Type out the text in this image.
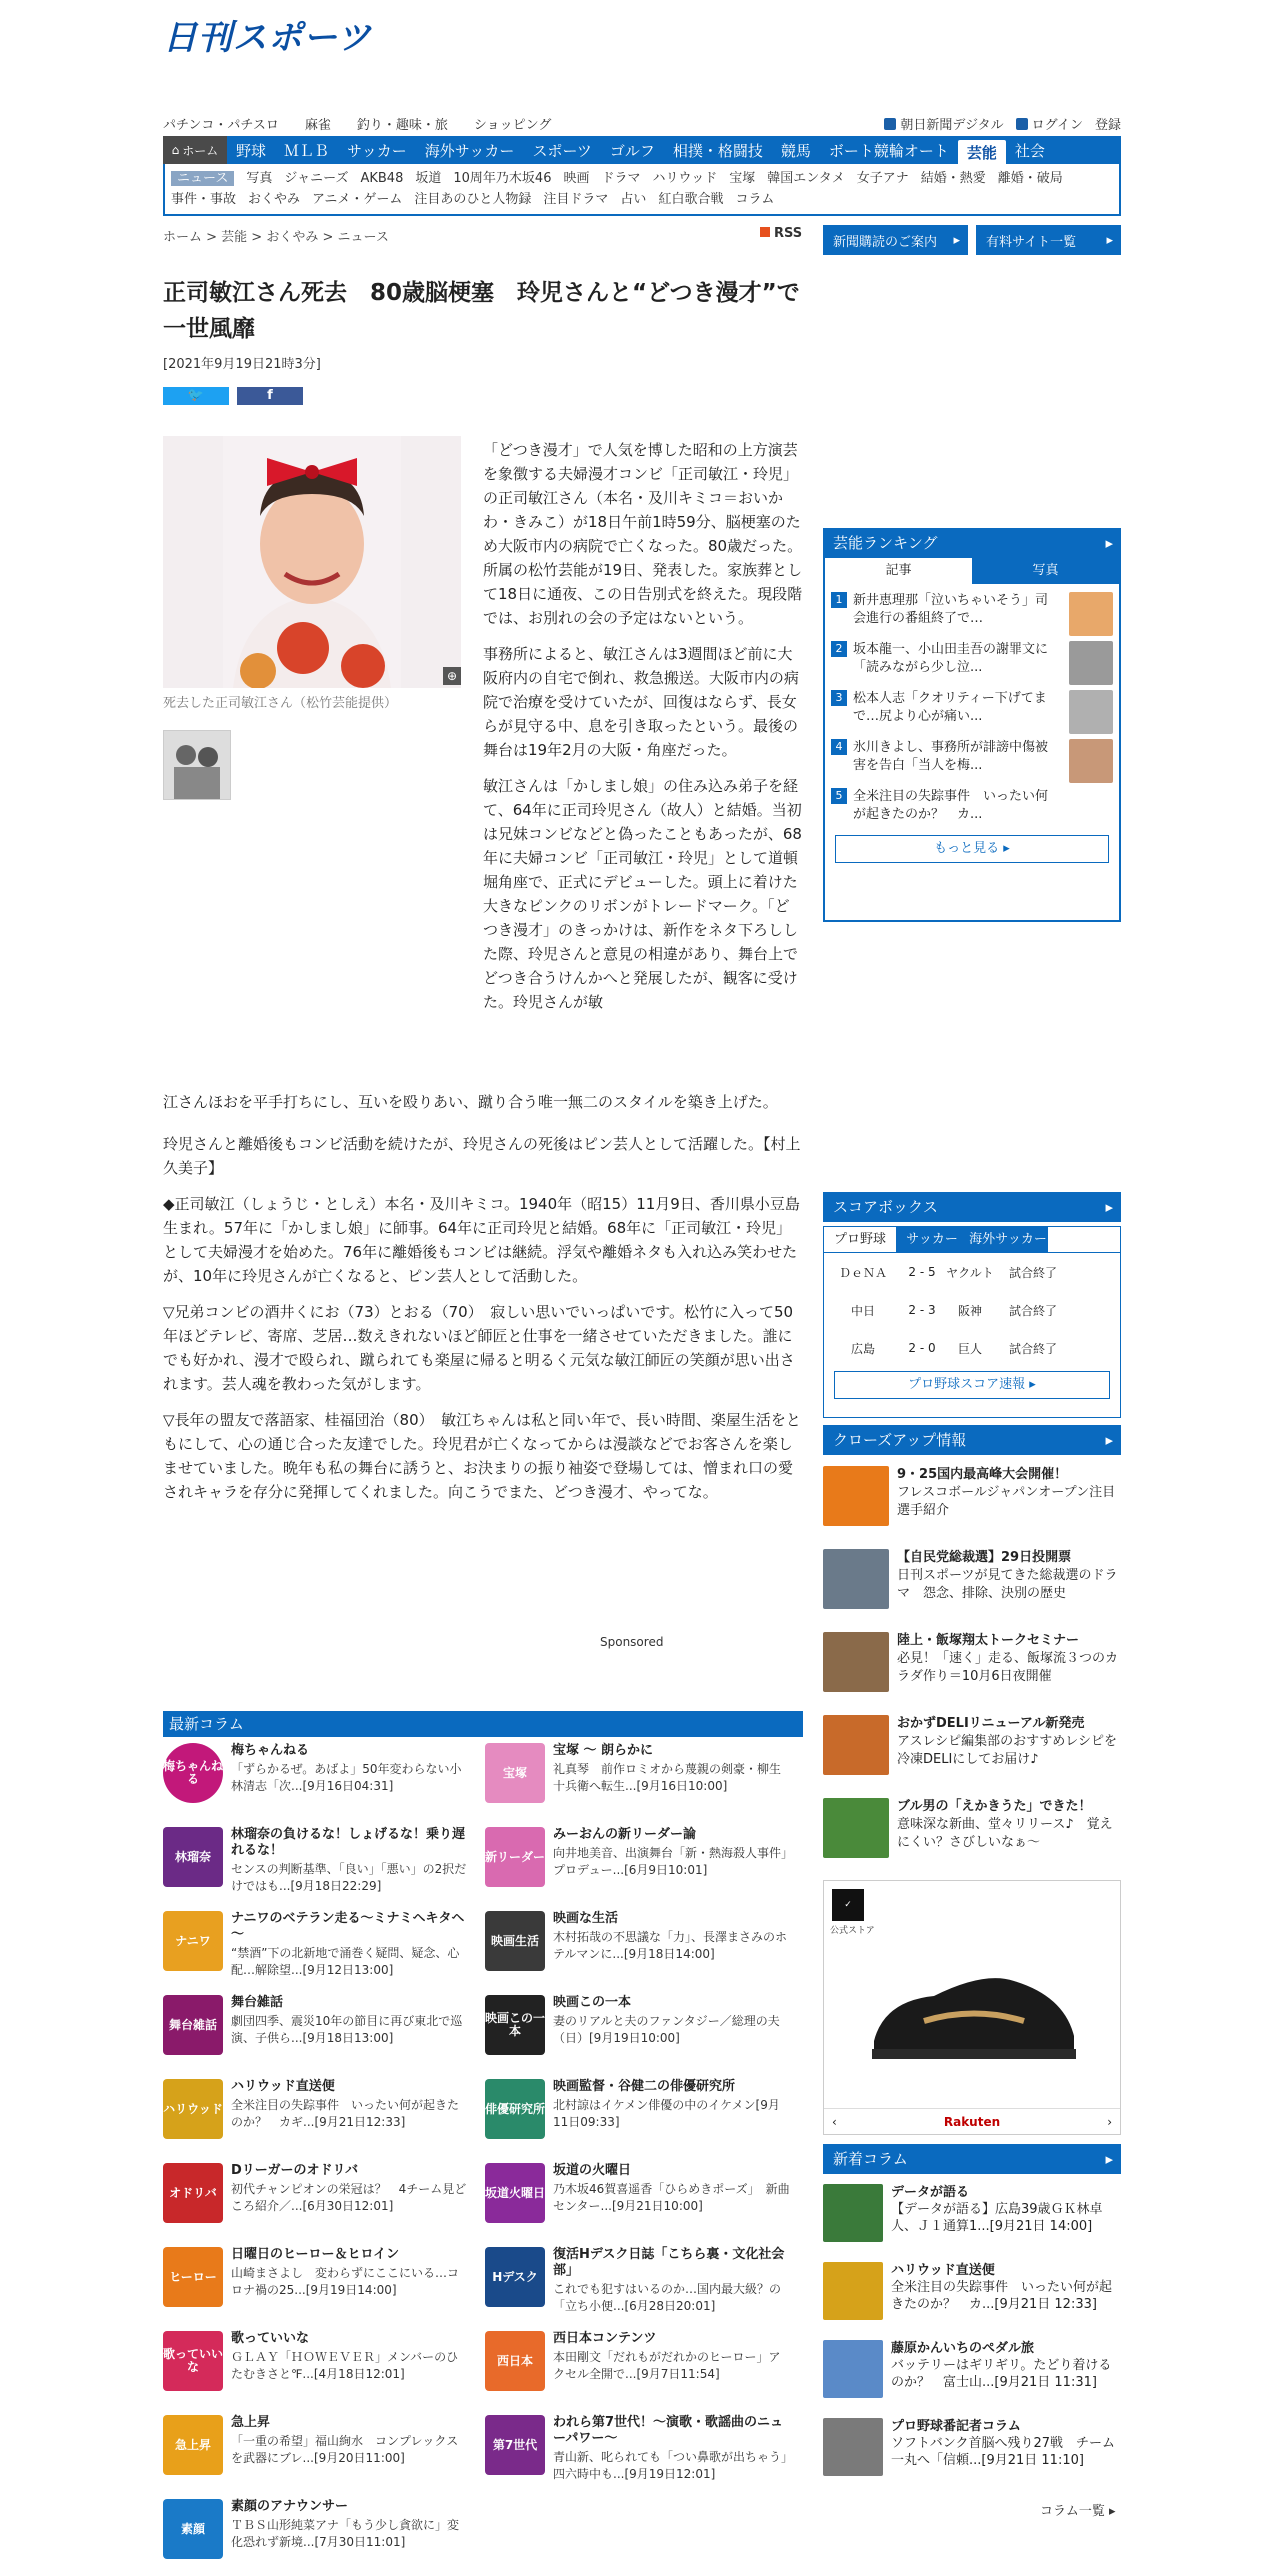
日刊スポーツ
パチンコ・パチスロ 麻雀 釣り・趣味・旅 ショッピング	朝日新聞デジタル ログイン 登録
⌂ ホーム	野球	ＭＬＢ	サッカー	海外サッカー	スポーツ	ゴルフ	相撲・格闘技	競馬	ボート競輪オート	芸能	社会
ニュース 写真 ジャニーズ AKB48 坂道 10周年乃木坂46 映画 ドラマ ハリウッド 宝塚 韓国エンタメ 女子アナ 結婚・熱愛 離婚・破局
事件・事故 おくやみ アニメ・ゲーム 注目あのひと人物録 注目ドラマ 占い 紅白歌合戦 コラム
ホーム > 芸能 > おくやみ > ニュース	RSS
新聞購読のご案内 ▸	有料サイト一覧 ▸
正司敏江さん死去　80歳脳梗塞　玲児さんと“どつき漫才”で一世風靡
[2021年9月19日21時3分]
🐦	f
⊕
死去した正司敏江さん（松竹芸能提供）

「どつき漫才」で人気を博した昭和の上方演芸を象徴する夫婦漫才コンビ「正司敏江・玲児」の正司敏江さん（本名・及川キミコ＝おいかわ・きみこ）が18日午前1時59分、脳梗塞のため大阪市内の病院で亡くなった。80歳だった。所属の松竹芸能が19日、発表した。家族葬として18日に通夜、この日告別式を終えた。現段階では、お別れの会の予定はないという。

事務所によると、敏江さんは3週間ほど前に大阪府内の自宅で倒れ、救急搬送。大阪市内の病院で治療を受けていたが、回復はならず、長女らが見守る中、息を引き取ったという。最後の舞台は19年2月の大阪・角座だった。

敏江さんは「かしまし娘」の住み込み弟子を経て、64年に正司玲児さん（故人）と結婚。当初は兄妹コンビなどと偽ったこともあったが、68年に夫婦コンビ「正司敏江・玲児」として道頓堀角座で、正式にデビューした。頭上に着けた大きなピンクのリボンがトレードマーク。「どつき漫才」のきっかけは、新作をネタ下ろしした際、玲児さんと意見の相違があり、舞台上でどつき合うけんかへと発展したが、観客に受けた。玲児さんが敏

江さんほおを平手打ちにし、互いを殴りあい、蹴り合う唯一無二のスタイルを築き上げた。

玲児さんと離婚後もコンビ活動を続けたが、玲児さんの死後はピン芸人として活躍した。【村上久美子】

◆正司敏江（しょうじ・としえ）本名・及川キミコ。1940年（昭15）11月9日、香川県小豆島生まれ。57年に「かしまし娘」に師事。64年に正司玲児と結婚。68年に「正司敏江・玲児」として夫婦漫才を始めた。76年に離婚後もコンビは継続。浮気や離婚ネタも入れ込み笑わせたが、10年に玲児さんが亡くなると、ピン芸人として活動した。

▽兄弟コンビの酒井くにお（73）とおる（70）　寂しい思いでいっぱいです。松竹に入って50年ほどテレビ、寄席、芝居…数えきれないほど師匠と仕事を一緒させていただきました。誰にでも好かれ、漫才で殴られ、蹴られても楽屋に帰ると明るく元気な敏江師匠の笑顔が思い出されます。芸人魂を教わった気がします。

▽長年の盟友で落語家、桂福団治（80）　敏江ちゃんは私と同い年で、長い時間、楽屋生活をともにして、心の通じ合った友達でした。玲児君が亡くなってからは漫談などでお客さんを楽しませていました。晩年も私の舞台に誘うと、お決まりの振り袖姿で登場しては、憎まれ口の愛されキャラを存分に発揮してくれました。向こうでまた、どつき漫才、やってな。

Sponsored
最新コラム
梅ちゃんねる
梅ちゃんねる
「ずらかるぜ。あばよ」50年変わらない小林清志「次...[9月16日04:31]
宝塚
宝塚 ～ 朗らかに
礼真琴　前作ロミオから蔑親の剣豪・柳生十兵衛へ転生...[9月16日10:00]
林瑠奈
林瑠奈の負けるな！しょげるな！乗り遅れるな！
センスの判断基準、「良い」「悪い」の2択だけではも...[9月18日22:29]
新リーダー
みーおんの新リーダー論
向井地美音、出演舞台「新・熱海殺人事件」プロデュー...[6月9日10:01]
ナニワ
ナニワのベテラン走る～ミナミヘキタヘ～
“禁酒”下の北新地で涌巻く疑問、疑念、心配…解除望...[9月12日13:00]
映画生活
映画な生活
木村拓哉の不思議な「力」、長澤まさみのホテルマンに...[9月18日14:00]
舞台雑話
舞台雑話
劇団四季、震災10年の節目に再び東北で巡演、子供ら...[9月18日13:00]
映画この一本
映画この一本
妻のリアルと夫のファンタジー／総理の夫（日）[9月19日10:00]
ハリウッド
ハリウッド直送便
全米注目の失踪事件　いったい何が起きたのか？　カギ...[9月21日12:33]
俳優研究所
映画監督・谷健二の俳優研究所
北村諒はイケメン俳優の中のイケメン[9月11日09:33]
オドリバ
Dリーガーのオドリバ
初代チャンピオンの栄冠は？　4チーム見どころ紹介／...[6月30日12:01]
坂道火曜日
坂道の火曜日
乃木坂46賀喜遥香「ひらめきポーズ」　新曲センター...[9月21日10:00]
ヒーロー
日曜日のヒーロー＆ヒロイン
山崎まさよし　変わらずにここにいる…コロナ禍の25...[9月19日14:00]
Hデスク
復活Hデスク日誌「こちら裏・文化社会部」
これでも犯すはいるのか…国内最大級？の「立ち小便...[6月28日20:01]
歌っていいな
歌っていいな
ＧＬＡＹ「ＨＯＷＥＶＥＲ」メンバーのひたむきさと℉...[4月18日12:01]
西日本
西日本コンテンツ
本田剛文「だれもがだれかのヒーロー」アクセル全開で...[9月7日11:54]
急上昇
急上昇
「一重の希望」福山絢水　コンプレックスを武器にブレ...[9月20日11:00]
第7世代
われら第7世代！～演歌・歌謡曲のニューパワー～
青山新、叱られても「つい鼻歌が出ちゃう」四六時中も...[9月19日12:01]
素顔
素顔のアナウンサー
ＴＢＳ山形純菜アナ「もう少し貪欲に」変化恐れず新境...[7月30日11:01]
芸能ランキング ▸
記事	写真
1 新井恵理那「泣いちゃいそう」司会進行の番組終了で…
2 坂本龍一、小山田圭吾の謝罪文に「読みながら少し泣...
3 松本人志「クオリティー下げてまで…尻より心が痛い...
4 氷川きよし、事務所が誹謗中傷被害を告白「当人を梅...
5 全米注目の失踪事件　いったい何が起きたのか？　カ...
もっと見る ▸
スコアボックス ▸
プロ野球	サッカー 海外サッカー
ＤｅＮＡ	2 - 5 ヤクルト	試合終了
中日	2 - 3	阪神	試合終了
広島	2 - 0	巨人	試合終了
プロ野球スコア速報 ▸
クローズアップ情報 ▸
9・25国内最高峰大会開催！
フレスコボールジャパンオープン注目選手紹介
【自民党総裁選】29日投開票
日刊スポーツが見てきた総裁選のドラマ　怨念、排除、決別の歴史
陸上・飯塚翔太トークセミナー
必見！「速く」走る、飯塚流３つのカラダ作り＝10月6日夜開催
おかずDELIリニューアル新発売
アスレシピ編集部のおすすめレシピを冷凍DELIにしてお届け♪
ブル男の「えかきうた」できた！
意味深な新曲、堂々リリース♪　覚えにくい？さびしいなぁ～
✓
公式ストア
‹	Rakuten	›
新着コラム ▸
データが語る
【データが語る】広島39歳ＧＫ林卓人、Ｊ１通算1...[9月21日 14:00]
ハリウッド直送便
全米注目の失踪事件　いったい何が起きたのか？　カ...[9月21日 12:33]
藤原かんいちのペダル旅
バッテリーはギリギリ。たどり着けるのか？　富士山...[9月21日 11:31]
プロ野球番記者コラム
ソフトバンク首脳へ残り27戦　チーム一丸へ「信頼...[9月21日 11:10]
コラム一覧 ▸
